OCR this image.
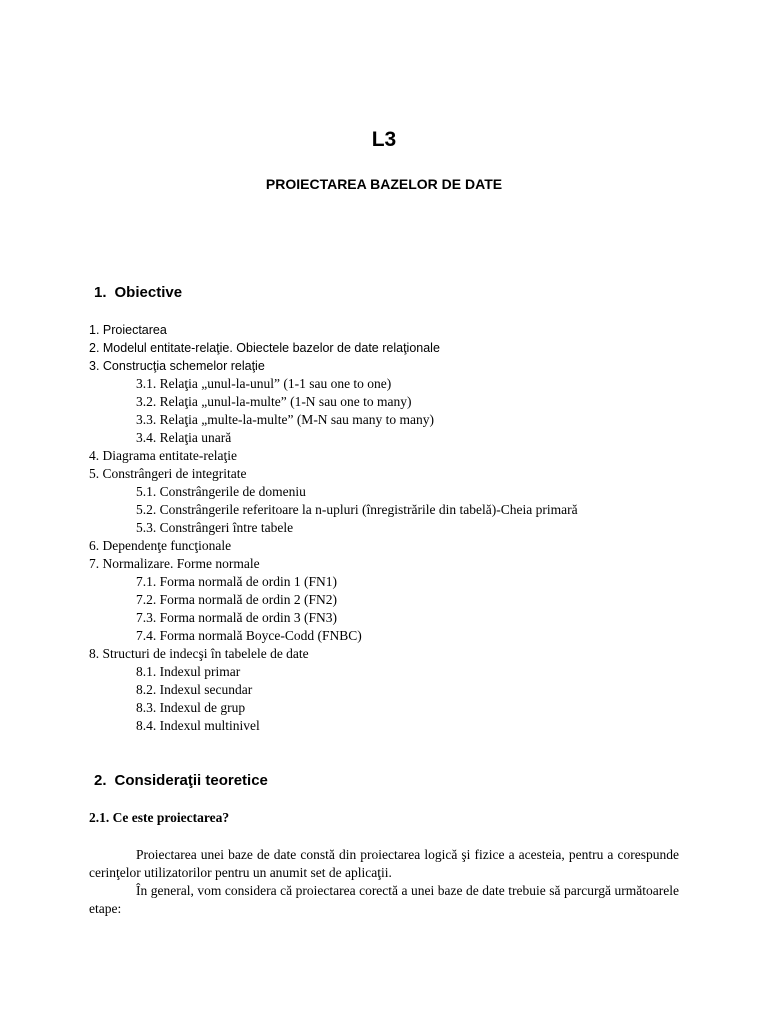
L3
PROIECTAREA BAZELOR DE DATE
1. Obiective
1. Proiectarea
2. Modelul entitate-relaţie. Obiectele bazelor de date relaţionale
3. Construcţia schemelor relaţie
3.1. Relaţia „unul-la-unul” (1-1 sau one to one)
3.2. Relaţia „unul-la-multe” (1-N sau one to many)
3.3. Relaţia „multe-la-multe” (M-N sau many to many)
3.4. Relaţia unară
4. Diagrama entitate-relaţie
5. Constrângeri de integritate
5.1. Constrângerile de domeniu
5.2. Constrângerile referitoare la n-upluri (înregistrările din tabelă)-Cheia primară
5.3. Constrângeri între tabele
6. Dependenţe funcţionale
7. Normalizare. Forme normale
7.1. Forma normală de ordin 1 (FN1)
7.2. Forma normală de ordin 2 (FN2)
7.3. Forma normală de ordin 3 (FN3)
7.4. Forma normală Boyce-Codd (FNBC)
8. Structuri de indecşi în tabelele de date
8.1. Indexul primar
8.2. Indexul secundar
8.3. Indexul de grup
8.4. Indexul multinivel
2. Consideraţii teoretice
2.1. Ce este proiectarea?

Proiectarea unei baze de date constă din proiectarea logică şi fizice a acesteia, pentru a corespunde cerinţelor utilizatorilor pentru un anumit set de aplicaţii.

În general, vom considera că proiectarea corectă a unei baze de date trebuie să parcurgă următoarele etape:
